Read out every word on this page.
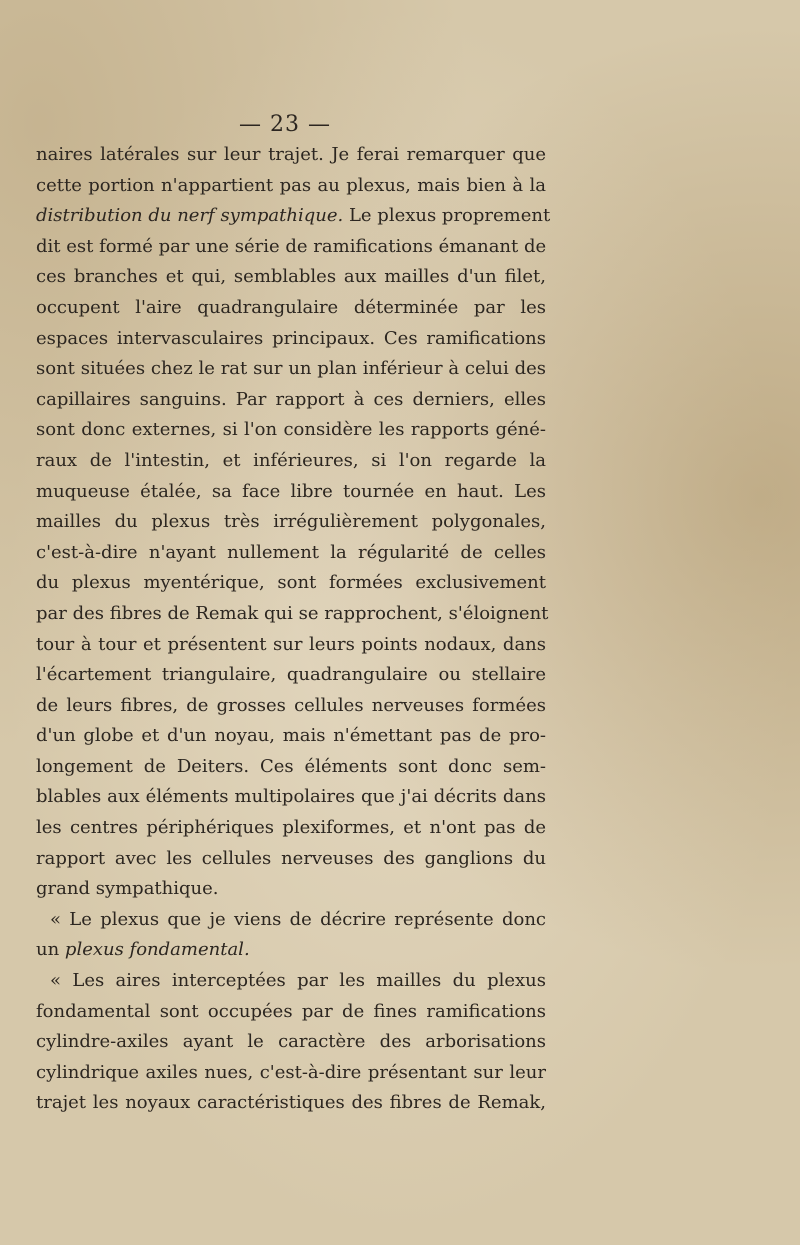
— 23 —
naires latérales sur leur trajet. Je ferai remarquer que
cette portion n'appartient pas au plexus, mais bien à la
distribution du nerf sympathique. Le plexus proprement
dit est formé par une série de ramifications émanant de
ces branches et qui, semblables aux mailles d'un filet,
occupent l'aire quadrangulaire déterminée par les
espaces intervasculaires principaux. Ces ramifications
sont situées chez le rat sur un plan inférieur à celui des
capillaires sanguins. Par rapport à ces derniers, elles
sont donc externes, si l'on considère les rapports géné-
raux de l'intestin, et inférieures, si l'on regarde la
muqueuse étalée, sa face libre tournée en haut. Les
mailles du plexus très irrégulièrement polygonales,
c'est-à-dire n'ayant nullement la régularité de celles
du plexus myentérique, sont formées exclusivement
par des fibres de Remak qui se rapprochent, s'éloignent
tour à tour et présentent sur leurs points nodaux, dans
l'écartement triangulaire, quadrangulaire ou stellaire
de leurs fibres, de grosses cellules nerveuses formées
d'un globe et d'un noyau, mais n'émettant pas de pro-
longement de Deiters. Ces éléments sont donc sem-
blables aux éléments multipolaires que j'ai décrits dans
les centres périphériques plexiformes, et n'ont pas de
rapport avec les cellules nerveuses des ganglions du
grand sympathique.
« Le plexus que je viens de décrire représente donc
un plexus fondamental.
« Les aires interceptées par les mailles du plexus
fondamental sont occupées par de fines ramifications
cylindre-axiles ayant le caractère des arborisations
cylindrique axiles nues, c'est-à-dire présentant sur leur
trajet les noyaux caractéristiques des fibres de Remak,
